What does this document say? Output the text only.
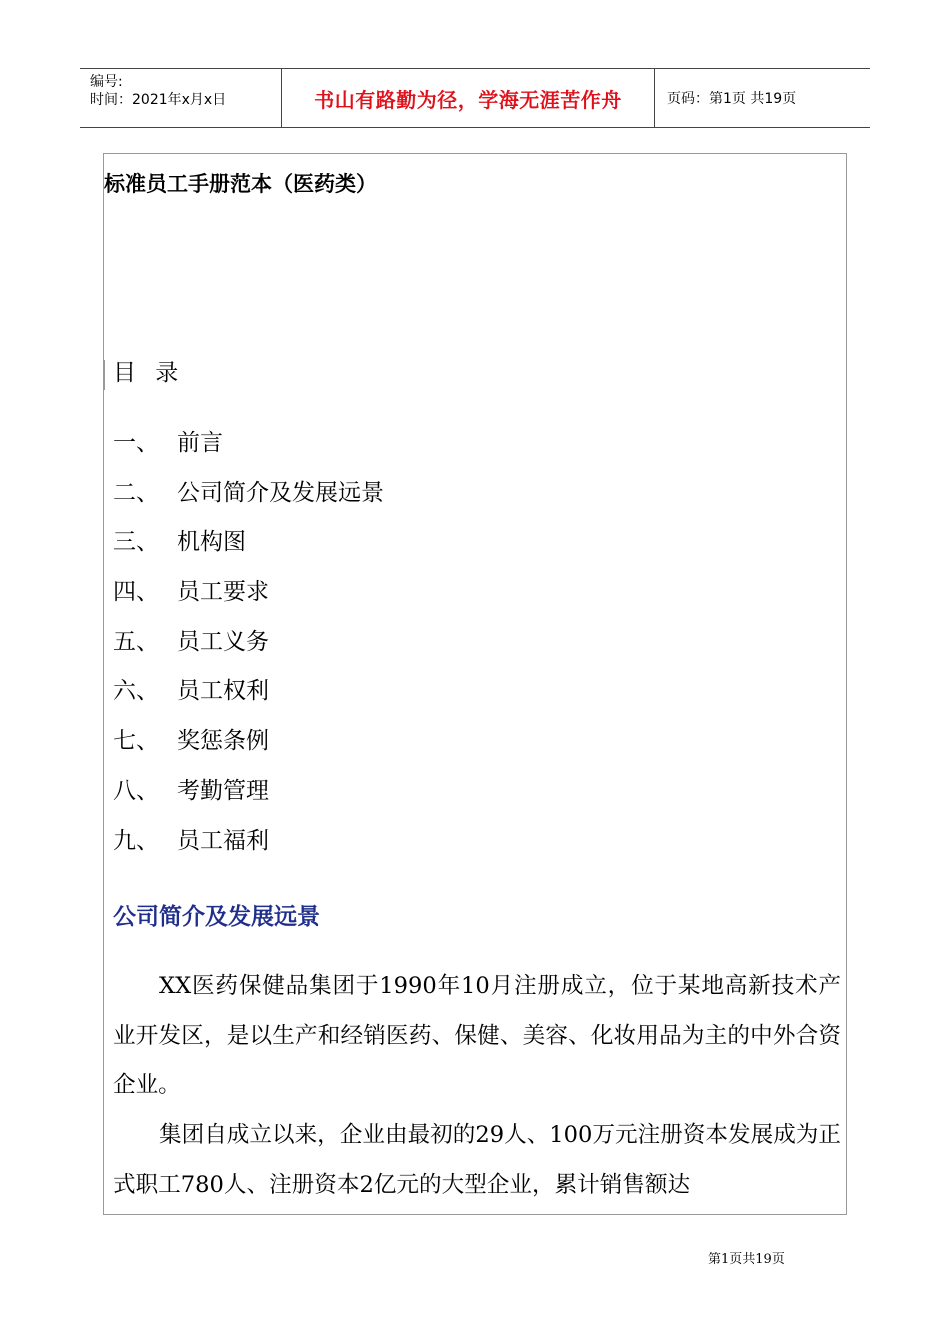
编号:
时间：2021年x月x日	书山有路勤为径，学海无涯苦作舟	页码：第1页 共19页
标准员工手册范本（医药类）
目 录
一、 前言
二、 公司简介及发展远景
三、 机构图
四、 员工要求
五、 员工义务
六、 员工权利
七、 奖惩条例
八、 考勤管理
九、 员工福利
公司简介及发展远景

XX医药保健品集团于1990年10月注册成立，位于某地高新技术产业开发区，是以生产和经销医药、保健、美容、化妆用品为主的中外合资企业。

集团自成立以来，企业由最初的29人、100万元注册资本发展成为正式职工780人、注册资本2亿元的大型企业，累计销售额达

第1页共19页
